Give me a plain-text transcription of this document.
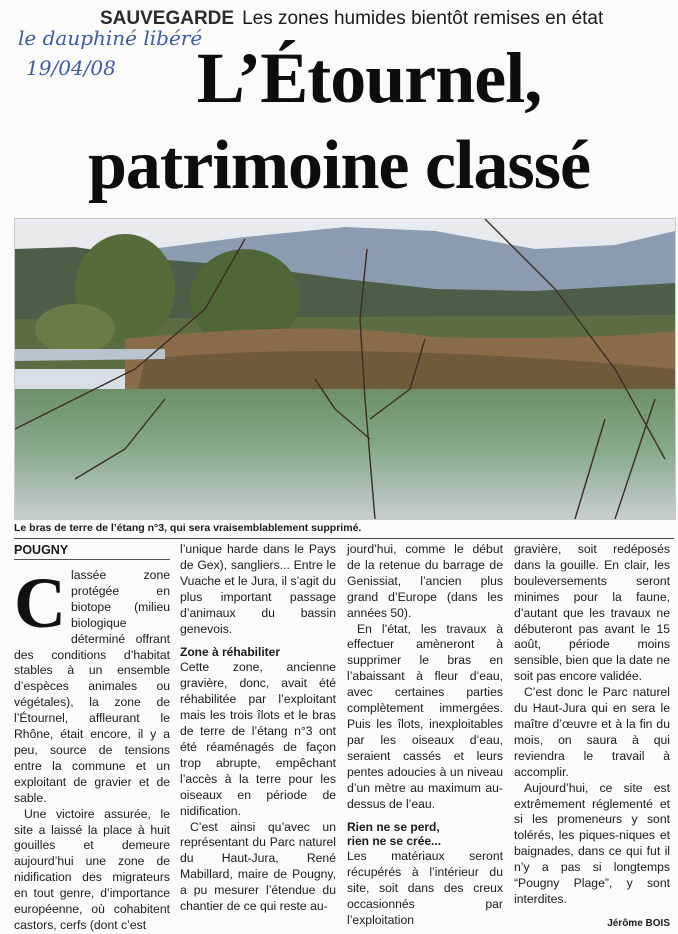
le dauphiné libéré
19/04/08
SAUVEGARDE Les zones humides bientôt remises en état
L’Étournel,
patrimoine classé
Le bras de terre de l’étang n°3, qui sera vraisemblablement supprimé.
POUGNY
C lassée zone protégée en biotope (milieu biologique déterminé offrant des conditions d’habitat stables à un ensemble d’espèces animales ou végétales), la zone de l’Étournel, affleurant le Rhône, était encore, il y a peu, source de tensions entre la commune et un exploitant de gravier et de sable.

Une victoire assurée, le site a laissé la place à huit gouilles et demeure aujourd’hui une zone de nidification des migrateurs en tout genre, d’importance européenne, où cohabitent castors, cerfs (dont c’est

l’unique harde dans le Pays de Gex), sangliers... Entre le Vuache et le Jura, il s’agit du plus important passage d’animaux du bassin genevois.

Zone à réhabiliter

Cette zone, ancienne gravière, donc, avait été réhabilitée par l’exploitant mais les trois îlots et le bras de terre de l’étang n°3 ont été réaménagés de façon trop abrupte, empêchant l’accès à la terre pour les oiseaux en période de nidification.

C’est ainsi qu’avec un représentant du Parc naturel du Haut-Jura, René Mabillard, maire de Pougny, a pu mesurer l’étendue du chantier de ce qui reste au-

jourd’hui, comme le début de la retenue du barrage de Genissiat, l’ancien plus grand d’Europe (dans les années 50).

En l’état, les travaux à effectuer amèneront à supprimer le bras en l’abaissant à fleur d’eau, avec certaines parties complètement immergées. Puis les îlots, inexploitables par les oiseaux d’eau, seraient cassés et leurs pentes adoucies à un niveau d’un mètre au maximum au-dessus de l’eau.

Rien ne se perd,
rien ne se crée...

Les matériaux seront récupérés à l’intérieur du site, soit dans des creux occasionnés par l’exploitation

gravière, soit redéposés dans la gouille. En clair, les bouleversements seront minimes pour la faune, d’autant que les travaux ne débuteront pas avant le 15 août, période moins sensible, bien que la date ne soit pas encore validée.

C’est donc le Parc naturel du Haut-Jura qui en sera le maître d’œuvre et à la fin du mois, on saura à qui reviendra le travail à accomplir.

Aujourd’hui, ce site est extrêmement réglementé et si les promeneurs y sont tolérés, les piques-niques et baignades, dans ce qui fut il n’y a pas si longtemps “Pougny Plage”, y sont interdites.

Jérôme BOIS
